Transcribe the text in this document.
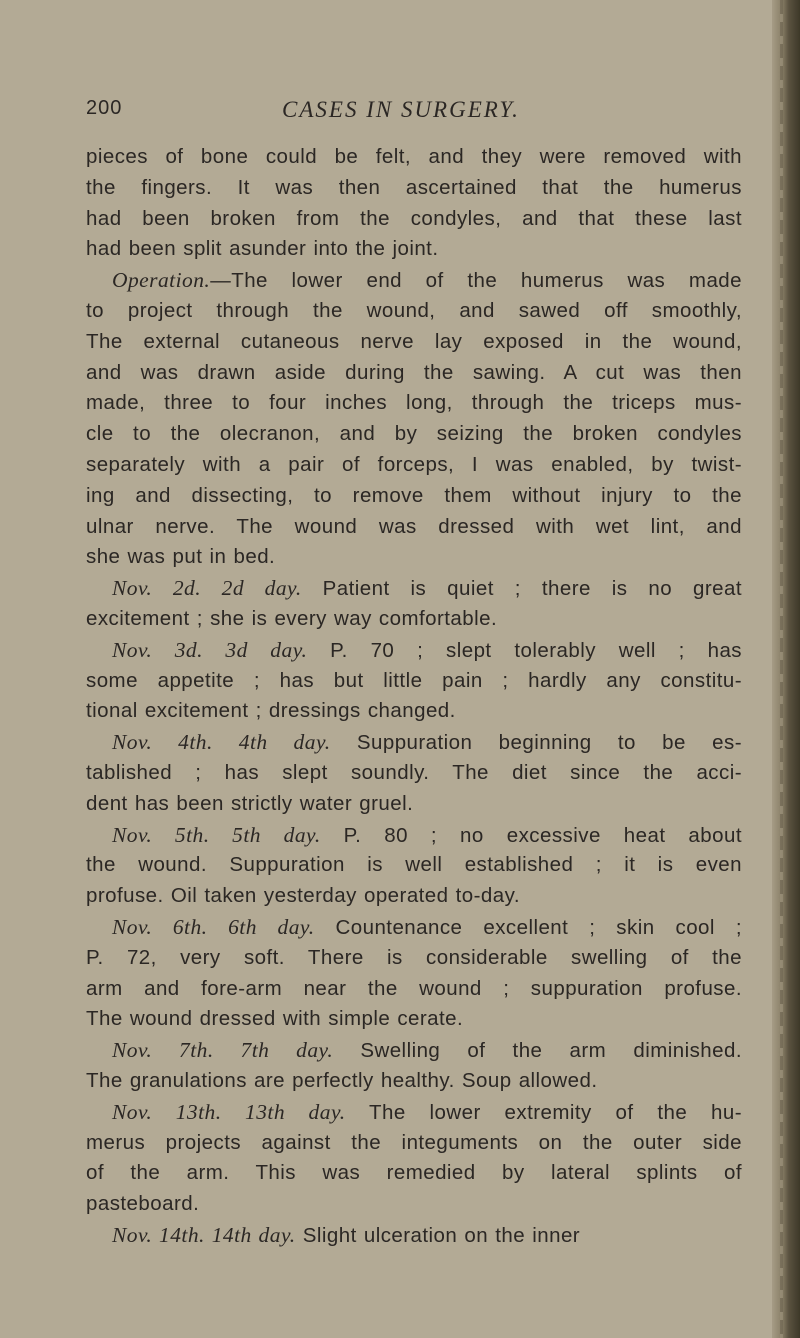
200	CASES IN SURGERY.
pieces of bone could be felt, and they were removed with
the fingers. It was then ascertained that the humerus
had been broken from the condyles, and that these last
had been split asunder into the joint.
Operation.—The lower end of the humerus was made
to project through the wound, and sawed off smoothly,
The external cutaneous nerve lay exposed in the wound,
and was drawn aside during the sawing. A cut was then
made, three to four inches long, through the triceps mus-
cle to the olecranon, and by seizing the broken condyles
separately with a pair of forceps, I was enabled, by twist-
ing and dissecting, to remove them without injury to the
ulnar nerve. The wound was dressed with wet lint, and
she was put in bed.
Nov. 2d. 2d day. Patient is quiet ; there is no great
excitement ; she is every way comfortable.
Nov. 3d. 3d day. P. 70 ; slept tolerably well ; has
some appetite ; has but little pain ; hardly any constitu-
tional excitement ; dressings changed.
Nov. 4th. 4th day. Suppuration beginning to be es-
tablished ; has slept soundly. The diet since the acci-
dent has been strictly water gruel.
Nov. 5th. 5th day. P. 80 ; no excessive heat about
the wound. Suppuration is well established ; it is even
profuse. Oil taken yesterday operated to-day.
Nov. 6th. 6th day. Countenance excellent ; skin cool ;
P. 72, very soft. There is considerable swelling of the
arm and fore-arm near the wound ; suppuration profuse.
The wound dressed with simple cerate.
Nov. 7th. 7th day. Swelling of the arm diminished.
The granulations are perfectly healthy. Soup allowed.
Nov. 13th. 13th day. The lower extremity of the hu-
merus projects against the integuments on the outer side
of the arm. This was remedied by lateral splints of
pasteboard.
Nov. 14th. 14th day. Slight ulceration on the inner
